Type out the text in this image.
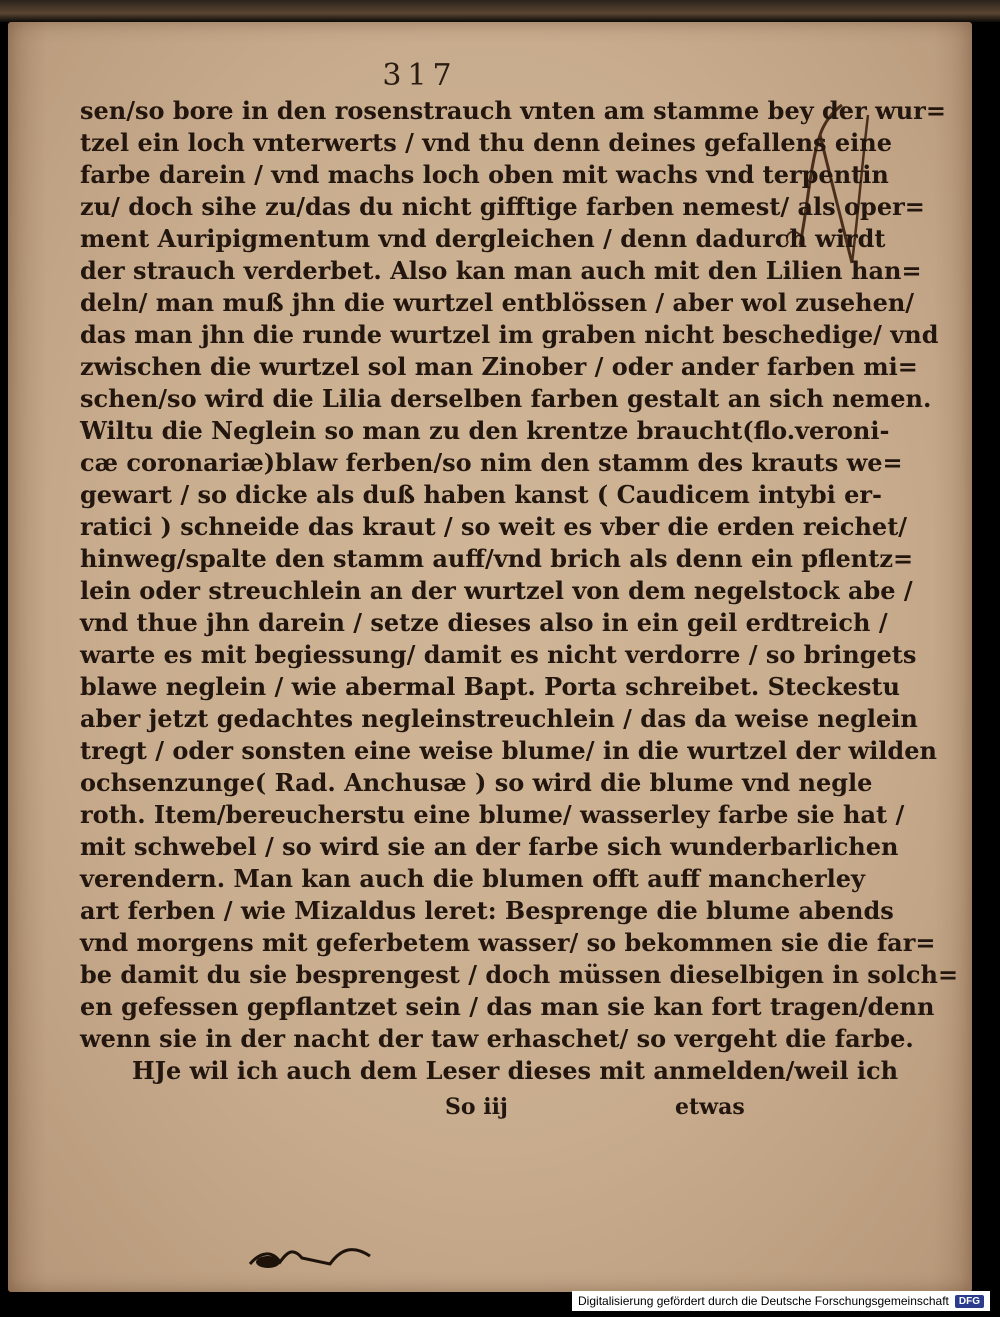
317
sen/so bore in den rosenstrauch vnten am stamme bey der wur=
tzel ein loch vnterwerts / vnd thu denn deines gefallens eine
farbe darein / vnd machs loch oben mit wachs vnd terpentin
zu/ doch sihe zu/das du nicht gifftige farben nemest/ als oper=
ment Auripigmentum vnd dergleichen / denn dadurch wirdt
der strauch verderbet. Also kan man auch mit den Lilien han=
deln/ man muß jhn die wurtzel entblössen / aber wol zusehen/
das man jhn die runde wurtzel im graben nicht beschedige/ vnd
zwischen die wurtzel sol man Zinober / oder ander farben mi=
schen/so wird die Lilia derselben farben gestalt an sich nemen.
Wiltu die Neglein so man zu den krentze braucht(flo.veroni-
cæ coronariæ)blaw ferben/so nim den stamm des krauts we=
gewart / so dicke als duß haben kanst ( Caudicem intybi er-
ratici ) schneide das kraut / so weit es vber die erden reichet/
hinweg/spalte den stamm auff/vnd brich als denn ein pflentz=
lein oder streuchlein an der wurtzel von dem negelstock abe /
vnd thue jhn darein / setze dieses also in ein geil erdtreich /
warte es mit begiessung/ damit es nicht verdorre / so bringets
blawe neglein / wie abermal Bapt. Porta schreibet. Steckestu
aber jetzt gedachtes negleinstreuchlein / das da weise neglein
tregt / oder sonsten eine weise blume/ in die wurtzel der wilden
ochsenzunge( Rad. Anchusæ ) so wird die blume vnd negle
roth. Item/bereucherstu eine blume/ wasserley farbe sie hat /
mit schwebel / so wird sie an der farbe sich wunderbarlichen
verendern. Man kan auch die blumen offt auff mancherley
art ferben / wie Mizaldus leret: Besprenge die blume abends
vnd morgens mit geferbetem wasser/ so bekommen sie die far=
be damit du sie besprengest / doch müssen dieselbigen in solch=
en gefessen gepflantzet sein / das man sie kan fort tragen/denn
wenn sie in der nacht der taw erhaschet/ so vergeht die farbe.
HJe wil ich auch dem Leser dieses mit anmelden/weil ich
So iij	etwas
Digitalisierung gefördert durch die Deutsche Forschungsgemeinschaft	DFG
